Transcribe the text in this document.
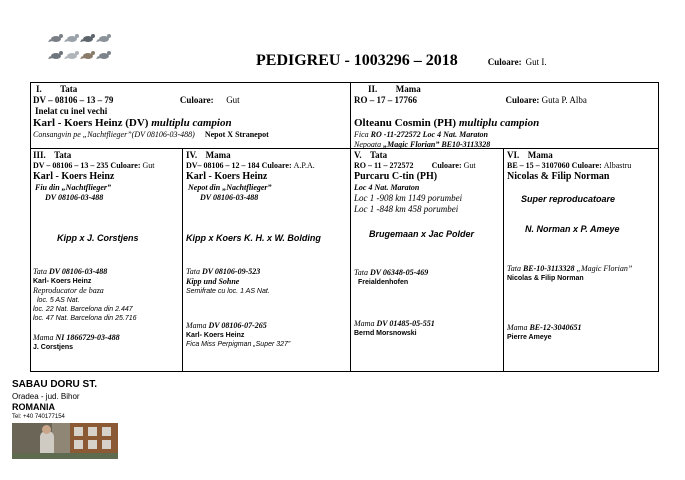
PEDIGREU - 1003296 – 2018	Culoare: Gut I.
I. Tata
DV – 08106 – 13 – 79	Culoare: Gut
Inelat cu inel vechi
Karl - Koers Heinz (DV) multiplu campion
Consangvin pe „Nachtflieger”(DV 08106-03-488) Nepot X Stranepot
II. Mama
RO – 17 – 17766	Culoare: Guta P. Alba
Olteanu Cosmin (PH) multiplu campion
Fica RO -11-272572 Loc 4 Nat. Maraton
Nepoata „Magic Florian” BE10-3113328
III. Tata
DV – 08106 – 13 – 235 Culoare: Gut
Karl - Koers Heinz
Fiu din „Nachtflieger”
DV 08106-03-488
Kipp x J. Corstjens
Tata DV 08106-03-488
Karl- Koers Heinz
Reproducator de baza
loc. 5 AS Nat.
loc. 22 Nat. Barcelona din 2.447
loc. 47 Nat. Barcelona din 25.716
Mama NI 1866729-03-488
J. Corstjens
IV. Mama
DV– 08106 – 12 – 184 Culoare: A.P.A.
Karl - Koers Heinz
Nepot din „Nachtflieger”
DV 08106-03-488
Kipp x Koers K. H. x W. Bolding
Tata DV 08106-09-523
Kipp und Sohne
Semifrate cu loc. 1 AS Nat.
Mama DV 08106-07-265
Karl- Koers Heinz
Fica Miss Perpigman „Super 327”
V. Tata
RO – 11 – 272572 Culoare: Gut
Purcaru C-tin (PH)
Loc 4 Nat. Maraton
Loc 1 -908 km 1149 porumbei
Loc 1 -848 km 458 porumbei
Brugemaan x Jac Polder
Tata DV 06348-05-469
Freialdenhofen
Mama DV 01485-05-551
Bernd Morsnowski
VI. Mama
BE – 15 – 3107060 Culoare: Albastru
Nicolas & Filip Norman
Super reproducatoare
N. Norman x P. Ameye
Tata BE-10-3113328 „Magic Florian”
Nicolas & Filip Norman
Mama BE-12-3040651
Pierre Ameye
SABAU DORU ST.
Oradea - jud. Bihor
ROMANIA
Tel: +40 740177154
